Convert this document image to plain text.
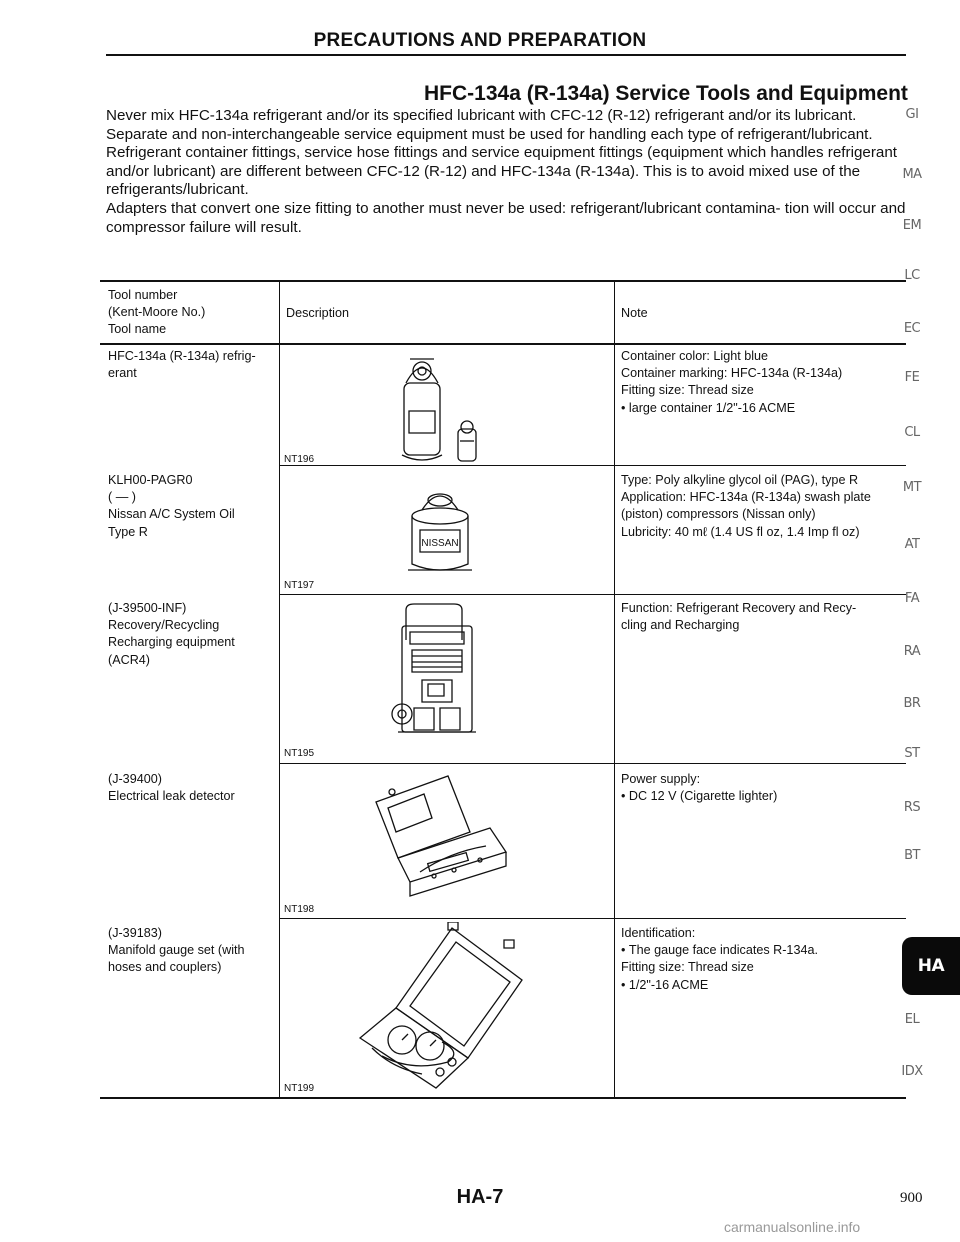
PRECAUTIONS AND PREPARATION
HFC-134a (R-134a) Service Tools and Equipment

Never mix HFC-134a refrigerant and/or its specified lubricant with CFC-12 (R-12) refrigerant and/or its lubricant.

Separate and non-interchangeable service equipment must be used for handling each type of refrigerant/lubricant.

Refrigerant container fittings, service hose fittings and service equipment fittings (equipment which handles refrigerant and/or lubricant) are different between CFC-12 (R-12) and HFC-134a (R-134a). This is to avoid mixed use of the refrigerants/lubricant.

Adapters that convert one size fitting to another must never be used: refrigerant/lubricant contamina- tion will occur and compressor failure will result.

Tool number
(Kent-Moore No.)
Tool name
Description	Note
HFC-134a (R-134a) refrig-
erant
Container color: Light blue
Container marking: HFC-134a (R-134a)
Fitting size: Thread size
• large container 1/2"-16 ACME
NT196
KLH00-PAGR0
( — )
Nissan A/C System Oil
Type R
Type: Poly alkyline glycol oil (PAG), type R
Application: HFC-134a (R-134a) swash plate
(piston) compressors (Nissan only)
Lubricity: 40 mℓ (1.4 US fl oz, 1.4 Imp fl oz)
NT197
NISSAN
(J-39500-INF)
Recovery/Recycling
Recharging equipment
(ACR4)
Function: Refrigerant Recovery and Recy-
cling and Recharging
NT195
(J-39400)
Electrical leak detector
Power supply:
• DC 12 V (Cigarette lighter)
NT198
(J-39183)
Manifold gauge set (with
hoses and couplers)
Identification:
• The gauge face indicates R-134a.
Fitting size: Thread size
• 1/2"-16 ACME
NT199
GI
MA
EM
LC
EC
FE
CL
MT
AT
FA
RA
BR
ST
RS
BT
HA
EL
IDX
HA-7	900
carmanualsonline.info
